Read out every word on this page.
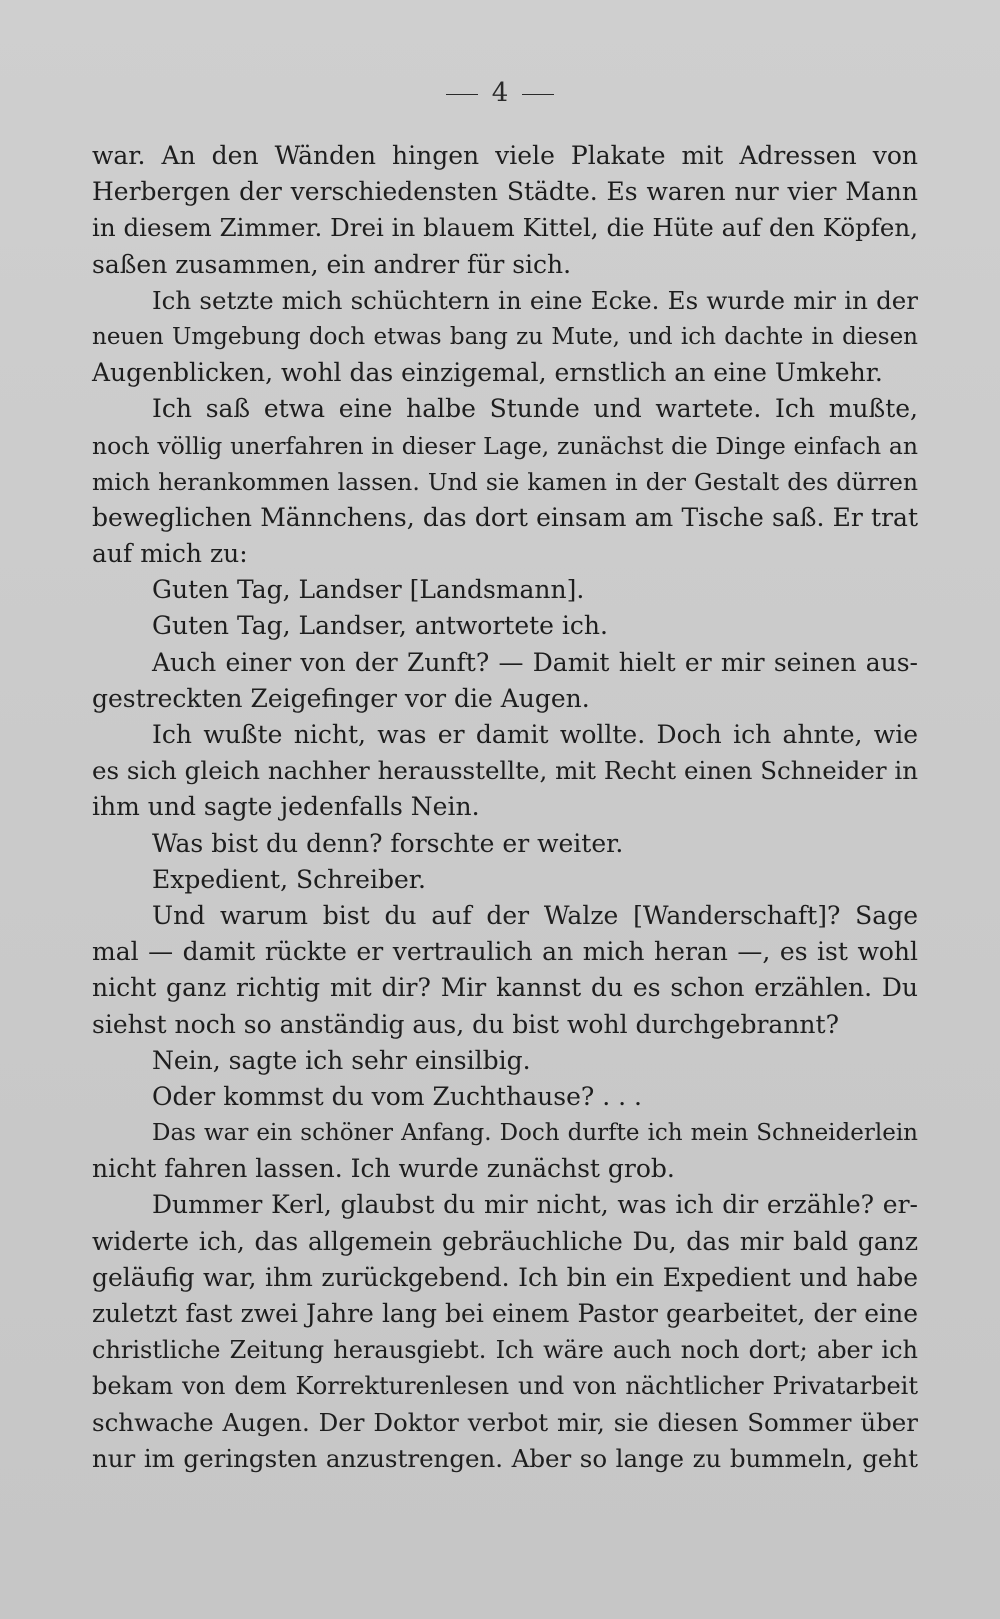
4
war. An den Wänden hingen viele Plakate mit Adressen von
Herbergen der verschiedensten Städte. Es waren nur vier Mann
in diesem Zimmer. Drei in blauem Kittel, die Hüte auf den Köpfen,
saßen zusammen, ein andrer für sich.
Ich setzte mich schüchtern in eine Ecke. Es wurde mir in der
neuen Umgebung doch etwas bang zu Mute, und ich dachte in diesen
Augenblicken, wohl das einzigemal, ernstlich an eine Umkehr.
Ich saß etwa eine halbe Stunde und wartete. Ich mußte,
noch völlig unerfahren in dieser Lage, zunächst die Dinge einfach an
mich herankommen lassen. Und sie kamen in der Gestalt des dürren
beweglichen Männchens, das dort einsam am Tische saß. Er trat
auf mich zu:
Guten Tag, Landser [Landsmann].
Guten Tag, Landser, antwortete ich.
Auch einer von der Zunft? — Damit hielt er mir seinen aus-
gestreckten Zeigefinger vor die Augen.
Ich wußte nicht, was er damit wollte. Doch ich ahnte, wie
es sich gleich nachher herausstellte, mit Recht einen Schneider in
ihm und sagte jedenfalls Nein.
Was bist du denn? forschte er weiter.
Expedient, Schreiber.
Und warum bist du auf der Walze [Wanderschaft]? Sage
mal — damit rückte er vertraulich an mich heran —, es ist wohl
nicht ganz richtig mit dir? Mir kannst du es schon erzählen. Du
siehst noch so anständig aus, du bist wohl durchgebrannt?
Nein, sagte ich sehr einsilbig.
Oder kommst du vom Zuchthause? . . .
Das war ein schöner Anfang. Doch durfte ich mein Schneiderlein
nicht fahren lassen. Ich wurde zunächst grob.
Dummer Kerl, glaubst du mir nicht, was ich dir erzähle? er-
widerte ich, das allgemein gebräuchliche Du, das mir bald ganz
geläufig war, ihm zurückgebend. Ich bin ein Expedient und habe
zuletzt fast zwei Jahre lang bei einem Pastor gearbeitet, der eine
christliche Zeitung herausgiebt. Ich wäre auch noch dort; aber ich
bekam von dem Korrekturenlesen und von nächtlicher Privatarbeit
schwache Augen. Der Doktor verbot mir, sie diesen Sommer über
nur im geringsten anzustrengen. Aber so lange zu bummeln, geht
